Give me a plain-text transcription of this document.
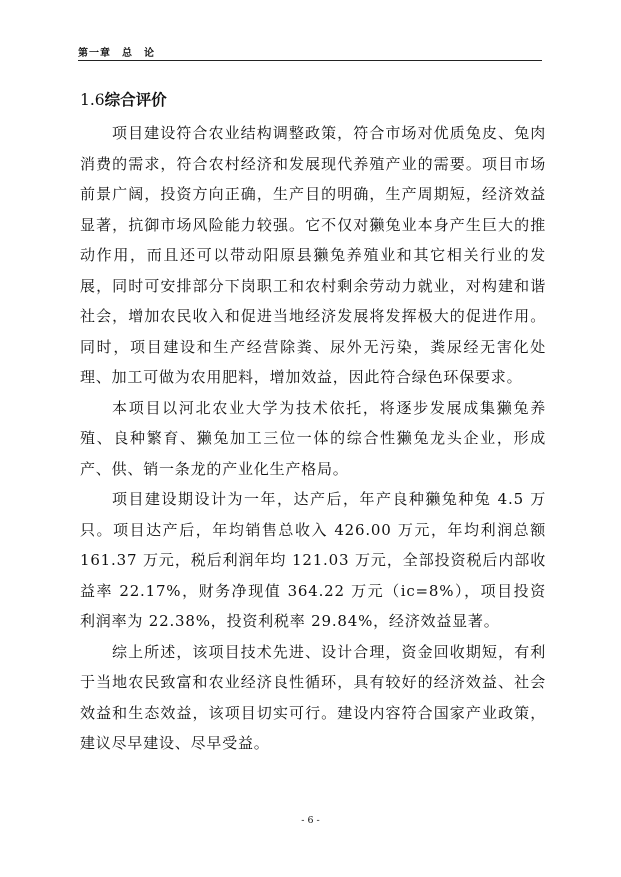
第一章　总　论
1.6综合评价

项目建设符合农业结构调整政策，符合市场对优质兔皮、兔肉消费的需求，符合农村经济和发展现代养殖产业的需要。项目市场前景广阔，投资方向正确，生产目的明确，生产周期短，经济效益显著，抗御市场风险能力较强。它不仅对獭兔业本身产生巨大的推动作用，而且还可以带动阳原县獭兔养殖业和其它相关行业的发展，同时可安排部分下岗职工和农村剩余劳动力就业，对构建和谐社会，增加农民收入和促进当地经济发展将发挥极大的促进作用。同时，项目建设和生产经营除粪、尿外无污染，粪尿经无害化处理、加工可做为农用肥料，增加效益，因此符合绿色环保要求。

本项目以河北农业大学为技术依托，将逐步发展成集獭兔养殖、良种繁育、獭兔加工三位一体的综合性獭兔龙头企业，形成产、供、销一条龙的产业化生产格局。

项目建设期设计为一年，达产后，年产良种獭兔种兔 4.5 万只。项目达产后，年均销售总收入 426.00 万元，年均利润总额 161.37 万元，税后利润年均 121.03 万元，全部投资税后内部收益率 22.17%，财务净现值 364.22 万元（ic=8%），项目投资利润率为 22.38%，投资利税率 29.84%，经济效益显著。

综上所述，该项目技术先进、设计合理，资金回收期短，有利于当地农民致富和农业经济良性循环，具有较好的经济效益、社会效益和生态效益，该项目切实可行。建设内容符合国家产业政策，建议尽早建设、尽早受益。

- 6 -
